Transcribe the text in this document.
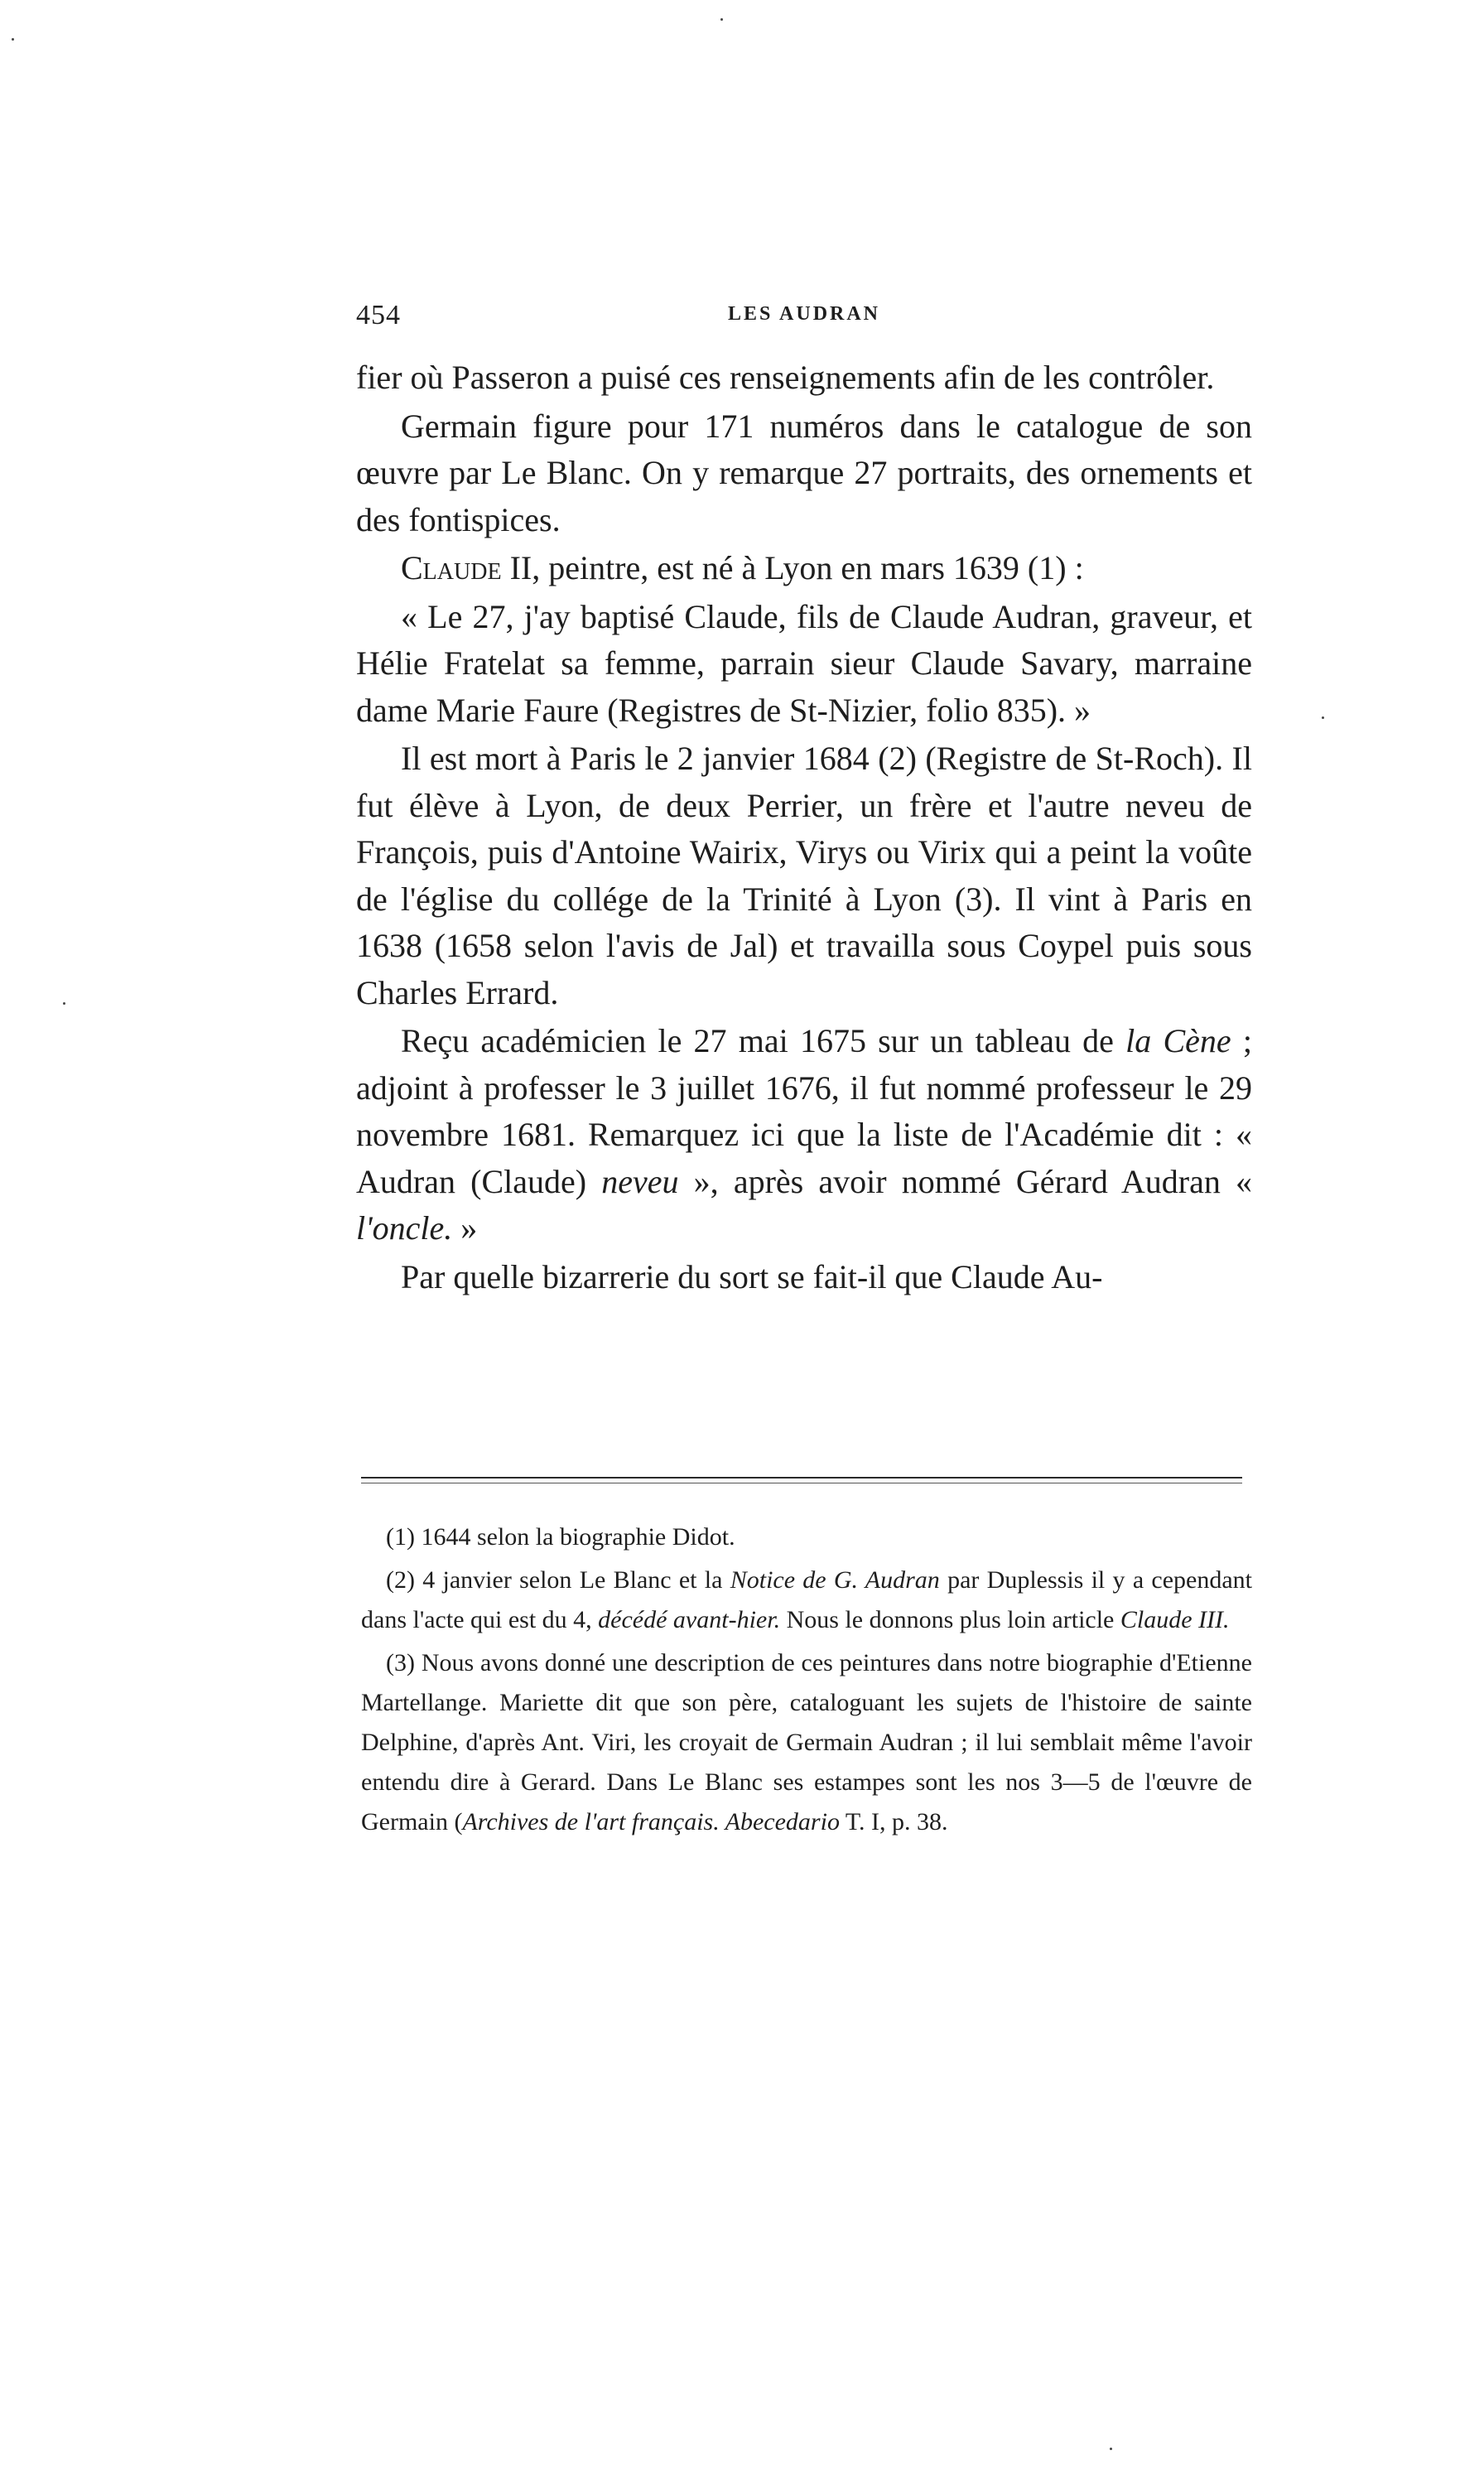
454	LES AUDRAN

fier où Passeron a puisé ces renseignements afin de les contrôler.

Germain figure pour 171 numéros dans le catalogue de son œuvre par Le Blanc. On y remarque 27 portraits, des ornements et des fontispices.

Claude II, peintre, est né à Lyon en mars 1639 (1) :

« Le 27, j'ay baptisé Claude, fils de Claude Audran, graveur, et Hélie Fratelat sa femme, parrain sieur Claude Savary, marraine dame Marie Faure (Registres de St-Nizier, folio 835). »

Il est mort à Paris le 2 janvier 1684 (2) (Registre de St-Roch). Il fut élève à Lyon, de deux Perrier, un frère et l'autre neveu de François, puis d'Antoine Wairix, Virys ou Virix qui a peint la voûte de l'église du collége de la Trinité à Lyon (3). Il vint à Paris en 1638 (1658 selon l'avis de Jal) et travailla sous Coypel puis sous Charles Errard.

Reçu académicien le 27 mai 1675 sur un tableau de la Cène ; adjoint à professer le 3 juillet 1676, il fut nommé professeur le 29 novembre 1681. Remarquez ici que la liste de l'Académie dit : « Audran (Claude) neveu », après avoir nommé Gérard Audran « l'oncle. »

Par quelle bizarrerie du sort se fait-il que Claude Au-

(1) 1644 selon la biographie Didot.

(2) 4 janvier selon Le Blanc et la Notice de G. Audran par Duplessis il y a cependant dans l'acte qui est du 4, décédé avant-hier. Nous le donnons plus loin article Claude III.

(3) Nous avons donné une description de ces peintures dans notre biographie d'Etienne Martellange. Mariette dit que son père, cataloguant les sujets de l'histoire de sainte Delphine, d'après Ant. Viri, les croyait de Germain Audran ; il lui semblait même l'avoir entendu dire à Gerard. Dans Le Blanc ses estampes sont les nos 3—5 de l'œuvre de Germain (Archives de l'art français. Abecedario T. I, p. 38.
